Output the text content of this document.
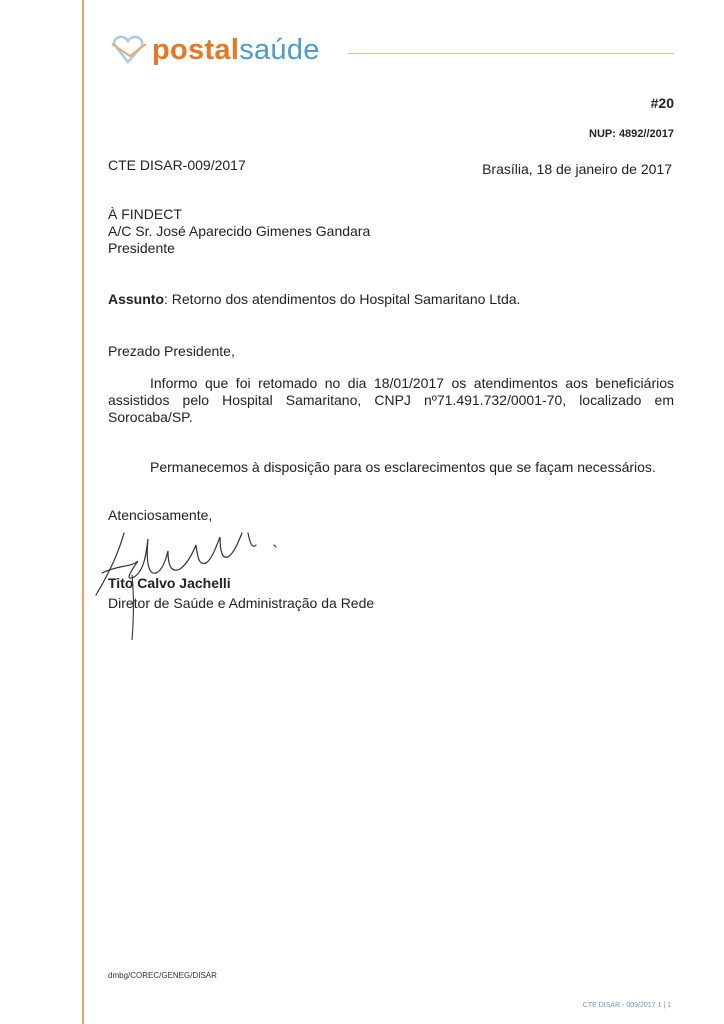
postalsaúde
#20
NUP: 4892//2017
CTE DISAR-009/2017	Brasília, 18 de janeiro de 2017
À FINDECT
A/C Sr. José Aparecido Gimenes Gandara
Presidente
Assunto: Retorno dos atendimentos do Hospital Samaritano Ltda.
Prezado Presidente,
Informo que foi retomado no dia 18/01/2017 os atendimentos aos beneficiários assistidos pelo Hospital Samaritano, CNPJ nº71.491.732/0001-70, localizado em Sorocaba/SP.
Permanecemos à disposição para os esclarecimentos que se façam necessários.
Atenciosamente,
Tito Calvo Jachelli
Diretor de Saúde e Administração da Rede
dmbg/COREC/GENEG/DISAR
CTE DISAR - 009/2017 1 | 1
